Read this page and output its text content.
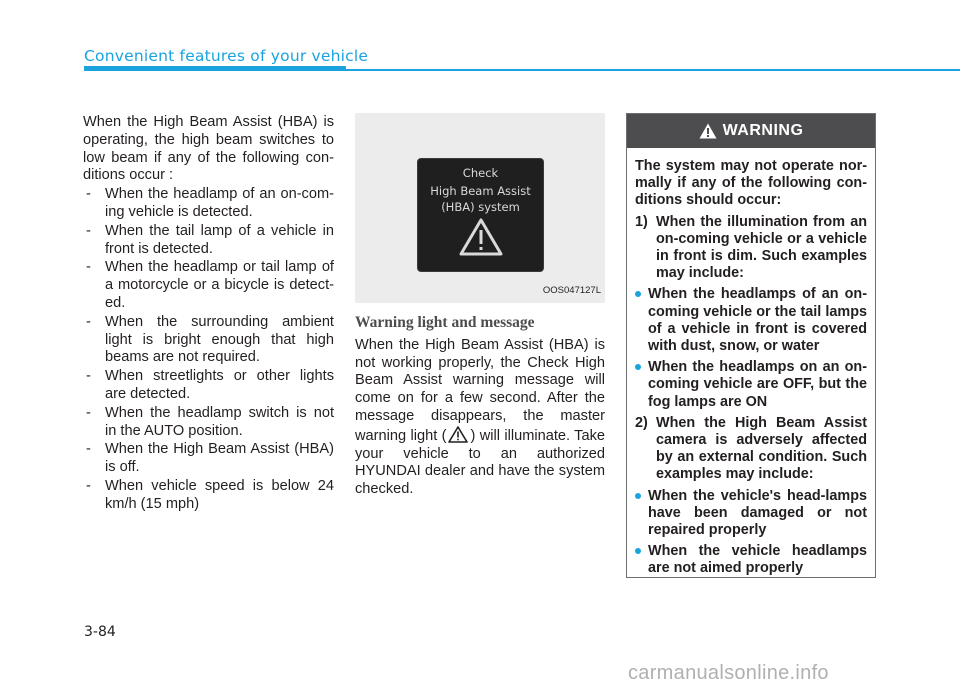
Convenient features of your vehicle

When the High Beam Assist (HBA) is operating, the high beam switches to low beam if any of the following con-ditions occur :

- When the headlamp of an on-com-ing vehicle is detected.
- When the tail lamp of a vehicle in front is detected.
- When the headlamp or tail lamp of a motorcycle or a bicycle is detect-ed.
- When the surrounding ambient light is bright enough that high beams are not required.
- When streetlights or other lights are detected.
- When the headlamp switch is not in the AUTO position.
- When the High Beam Assist (HBA) is off.
- When vehicle speed is below 24 km/h (15 mph)
Check
High Beam Assist
(HBA) system
OOS047127L
Warning light and message

When the High Beam Assist (HBA) is not working properly, the Check High Beam Assist warning message will come on for a few second. After the message disappears, the master warning light ( ) will illuminate. Take your vehicle to an authorized HYUNDAI dealer and have the system checked.

WARNING

The system may not operate nor-mally if any of the following con-ditions should occur:

1) When the illumination from an on-coming vehicle or a vehicle in front is dim. Such examples may include:
When the headlamps of an on-coming vehicle or the tail lamps of a vehicle in front is covered with dust, snow, or water
When the headlamps on an on-coming vehicle are OFF, but the fog lamps are ON
2) When the High Beam Assist camera is adversely affected by an external condition. Such examples may include:
When the vehicle's head-lamps have been damaged or not repaired properly
When the vehicle headlamps are not aimed properly
3-84
carmanualsonline.info
